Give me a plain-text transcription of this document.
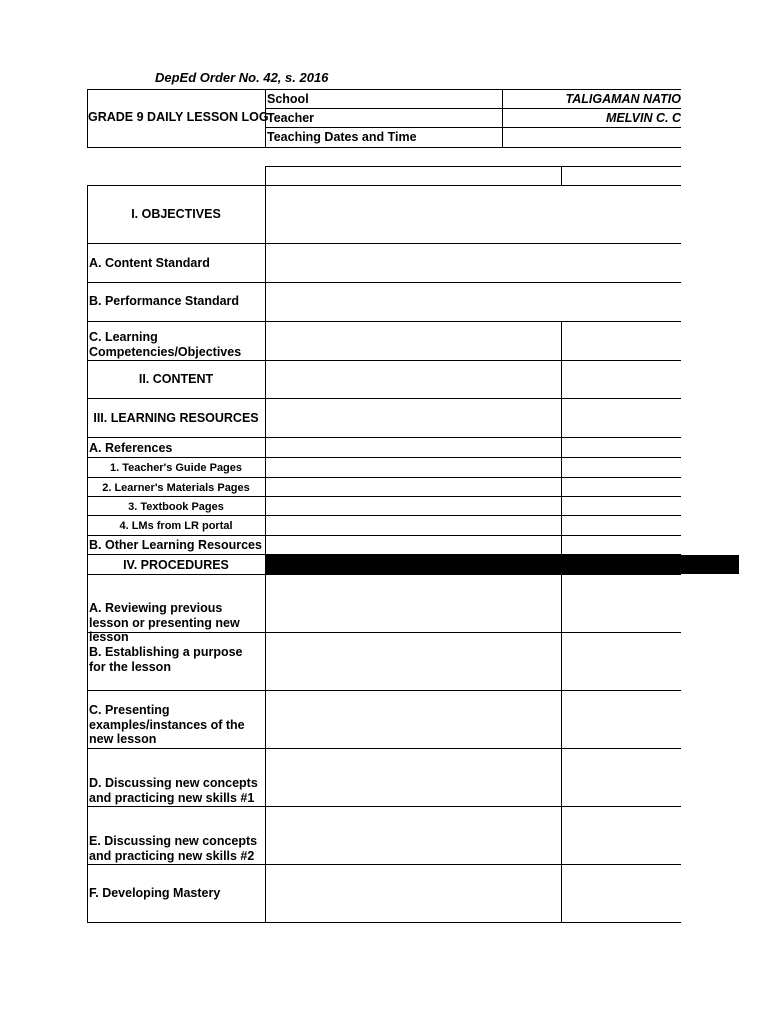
DepEd Order No. 42, s. 2016
GRADE 9 DAILY LESSON LOG
School	TALIGAMAN NATIO
Teacher	MELVIN C. C
Teaching Dates and Time
I. OBJECTIVES
A. Content Standard
B. Performance Standard
C. Learning Competencies/Objectives
II. CONTENT
III. LEARNING RESOURCES
A. References
1. Teacher's Guide Pages
2. Learner's Materials Pages
3. Textbook Pages
4. LMs from LR portal
B. Other Learning Resources
IV. PROCEDURES
A. Reviewing previous lesson or presenting new lesson
B. Establishing a purpose for the lesson
C. Presenting examples/instances of the new lesson
D. Discussing new concepts and practicing new skills #1
E. Discussing new concepts and practicing new skills #2
F. Developing Mastery
